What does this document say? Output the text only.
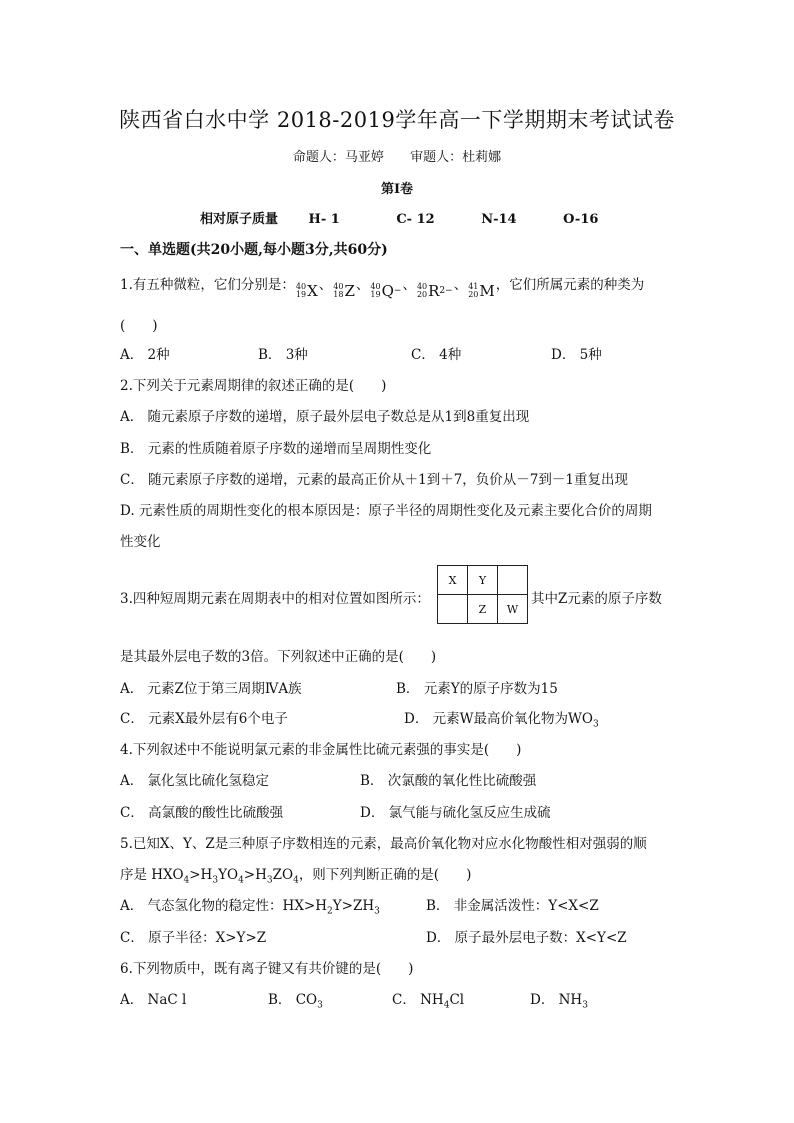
陕西省白水中学 2018-2019学年高一下学期期末考试试卷
命题人：马亚婷 审题人：杜莉娜
第Ⅰ卷
相对原子质量 H- 1	C- 12	N-14	O-16
一、单选题(共20小题,每小题3分,共60分)
1.有五种微粒，它们分别是： 40
19 X 、 40
18 Z 、 40
19 Q − 、 40
20 R 2− 、 41
20 M ，它们所属元素的种类为
(　　)
A． 2种	B． 3种	C． 4种	D． 5种
2.下列关于元素周期律的叙述正确的是(　　)
A． 随元素原子序数的递增，原子最外层电子数总是从1到8重复出现
B． 元素的性质随着原子序数的递增而呈周期性变化
C． 随元素原子序数的递增，元素的最高正价从＋1到＋7，负价从－7到－1重复出现
D. 元素性质的周期性变化的根本原因是：原子半径的周期性变化及元素主要化合价的周期
性变化
3.四种短周期元素在周期表中的相对位置如图所示：
X	Y	
	Z	W
其中Z元素的原子序数
是其最外层电子数的3倍。下列叙述中正确的是(　　)
A． 元素Z位于第三周期ⅣA族	B． 元素Y的原子序数为15
C． 元素X最外层有6个电子	D． 元素W最高价氧化物为$WO_3$
4.下列叙述中不能说明氯元素的非金属性比硫元素强的事实是(　　)
A． 氯化氢比硫化氢稳定	B． 次氯酸的氧化性比硫酸强
C． 高氯酸的酸性比硫酸强	D． 氯气能与硫化氢反应生成硫
5.已知X、Y、Z是三种原子序数相连的元素，最高价氧化物对应水化物酸性相对强弱的顺
序是 $HXO_4>H_3YO_4>H_3ZO_4$，则下列判断正确的是(　　)
A． 气态氢化物的稳定性：$HX>H_2Y>ZH_3$	B． 非金属活泼性：Y<X<Z
C． 原子半径：X>Y>Z	D． 原子最外层电子数：X<Y<Z
6.下列物质中，既有离子键又有共价键的是(　　)
A． NaC l	B． $CO_3$	C． $NH_4Cl$	D． $NH_3$
